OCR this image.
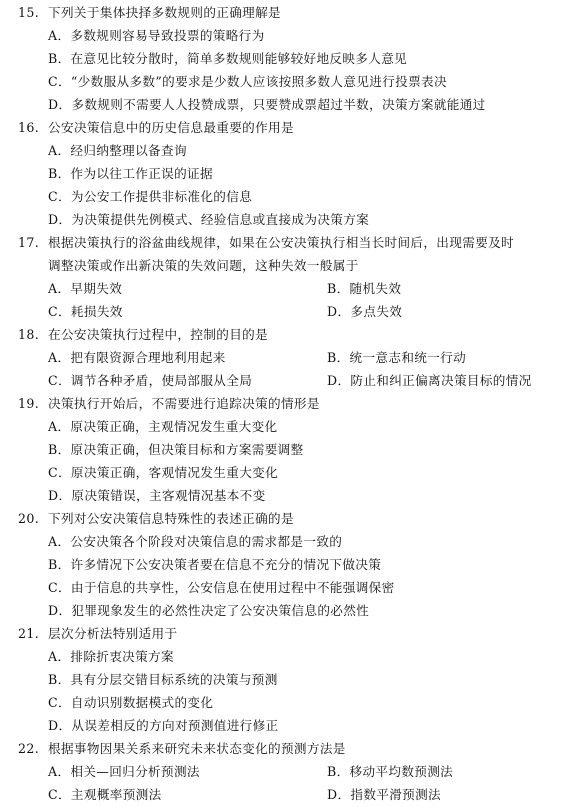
15. 下列关于集体抉择多数规则的正确理解是
A．多数规则容易导致投票的策略行为
B．在意见比较分散时，简单多数规则能够较好地反映多人意见
C．“少数服从多数”的要求是少数人应该按照多数人意见进行投票表决
D．多数规则不需要人人投赞成票，只要赞成票超过半数，决策方案就能通过
16. 公安决策信息中的历史信息最重要的作用是
A．经归纳整理以备查询
B．作为以往工作正误的证据
C．为公安工作提供非标准化的信息
D．为决策提供先例模式、经验信息或直接成为决策方案
17. 根据决策执行的浴盆曲线规律，如果在公安决策执行相当长时间后，出现需要及时
调整决策或作出新决策的失效问题，这种失效一般属于
A．早期失效	B．随机失效
C．耗损失效	D．多点失效
18. 在公安决策执行过程中，控制的目的是
A．把有限资源合理地利用起来	B．统一意志和统一行动
C．调节各种矛盾，使局部服从全局	D．防止和纠正偏离决策目标的情况
19. 决策执行开始后，不需要进行追踪决策的情形是
A．原决策正确，主观情况发生重大变化
B．原决策正确，但决策目标和方案需要调整
C．原决策正确，客观情况发生重大变化
D．原决策错误，主客观情况基本不变
20. 下列对公安决策信息特殊性的表述正确的是
A．公安决策各个阶段对决策信息的需求都是一致的
B．许多情况下公安决策者要在信息不充分的情况下做决策
C．由于信息的共享性，公安信息在使用过程中不能强调保密
D．犯罪现象发生的必然性决定了公安决策信息的必然性
21. 层次分析法特别适用于
A．排除折衷决策方案
B．具有分层交错目标系统的决策与预测
C．自动识别数据模式的变化
D．从误差相反的方向对预测值进行修正
22. 根据事物因果关系来研究未来状态变化的预测方法是
A．相关—回归分析预测法	B．移动平均数预测法
C．主观概率预测法	D．指数平滑预测法
